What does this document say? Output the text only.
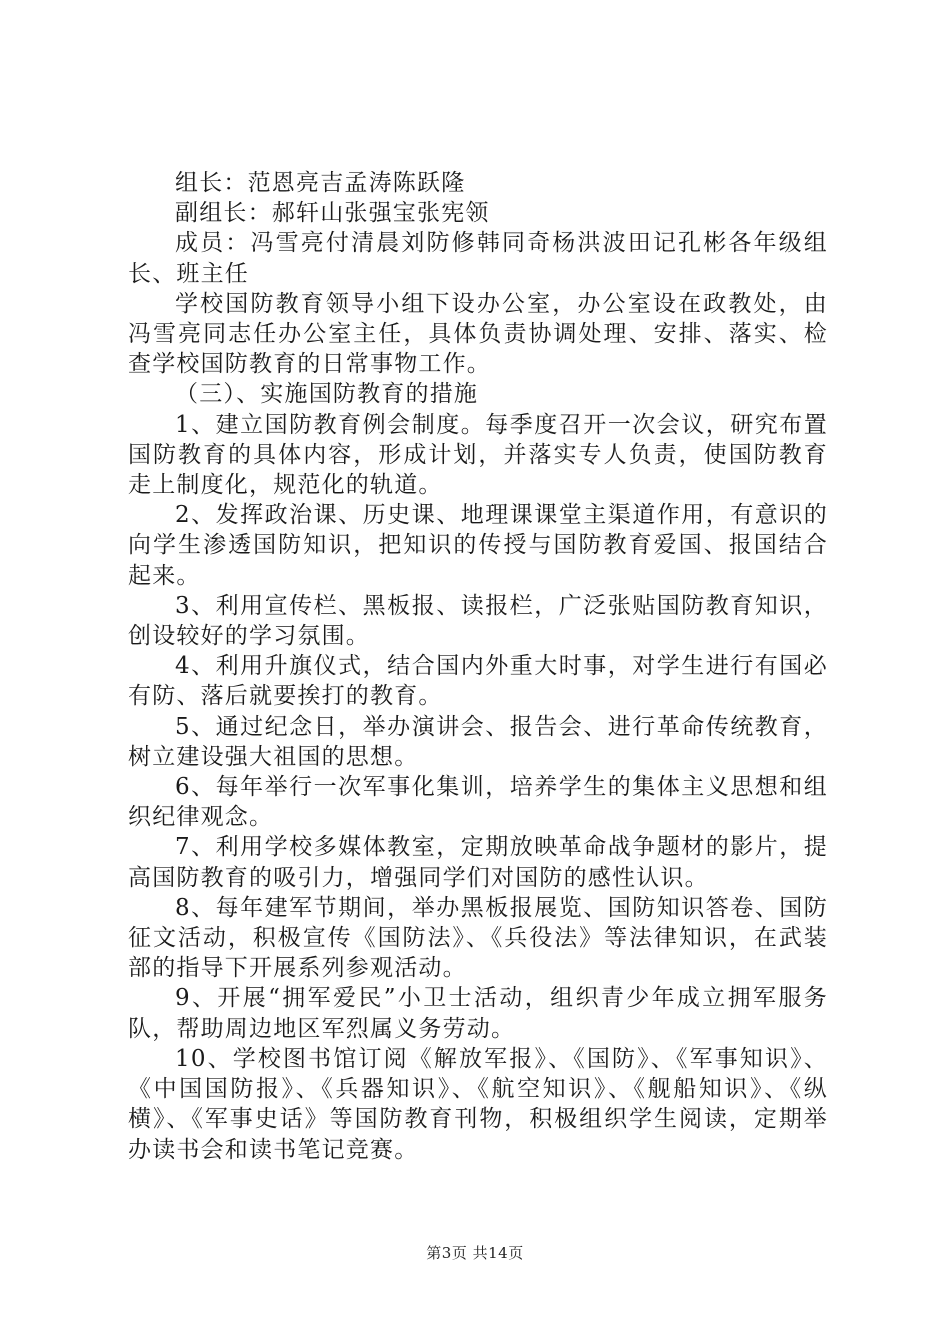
组长：范恩亮吉孟涛陈跃隆

副组长：郝轩山张强宝张宪领

成员：冯雪亮付清晨刘防修韩同奇杨洪波田记孔彬各年级组长、班主任

学校国防教育领导小组下设办公室，办公室设在政教处，由冯雪亮同志任办公室主任，具体负责协调处理、安排、落实、检查学校国防教育的日常事物工作。

（三）、实施国防教育的措施

1、建立国防教育例会制度。每季度召开一次会议，研究布置国防教育的具体内容，形成计划，并落实专人负责，使国防教育走上制度化，规范化的轨道。

2、发挥政治课、历史课、地理课课堂主渠道作用，有意识的向学生渗透国防知识，把知识的传授与国防教育爱国、报国结合起来。

3、利用宣传栏、黑板报、读报栏，广泛张贴国防教育知识，创设较好的学习氛围。

4、利用升旗仪式，结合国内外重大时事，对学生进行有国必有防、落后就要挨打的教育。

5、通过纪念日，举办演讲会、报告会、进行革命传统教育，树立建设强大祖国的思想。

6、每年举行一次军事化集训，培养学生的集体主义思想和组织纪律观念。

7、利用学校多媒体教室，定期放映革命战争题材的影片，提高国防教育的吸引力，增强同学们对国防的感性认识。

8、每年建军节期间，举办黑板报展览、国防知识答卷、国防征文活动，积极宣传《国防法》、《兵役法》等法律知识，在武装部的指导下开展系列参观活动。

9、开展“拥军爱民”小卫士活动，组织青少年成立拥军服务队，帮助周边地区军烈属义务劳动。

10、学校图书馆订阅《解放军报》、《国防》、《军事知识》、《中国国防报》、《兵器知识》、《航空知识》、《舰船知识》、《纵横》、《军事史话》等国防教育刊物，积极组织学生阅读，定期举办读书会和读书笔记竞赛。

第3页 共14页
